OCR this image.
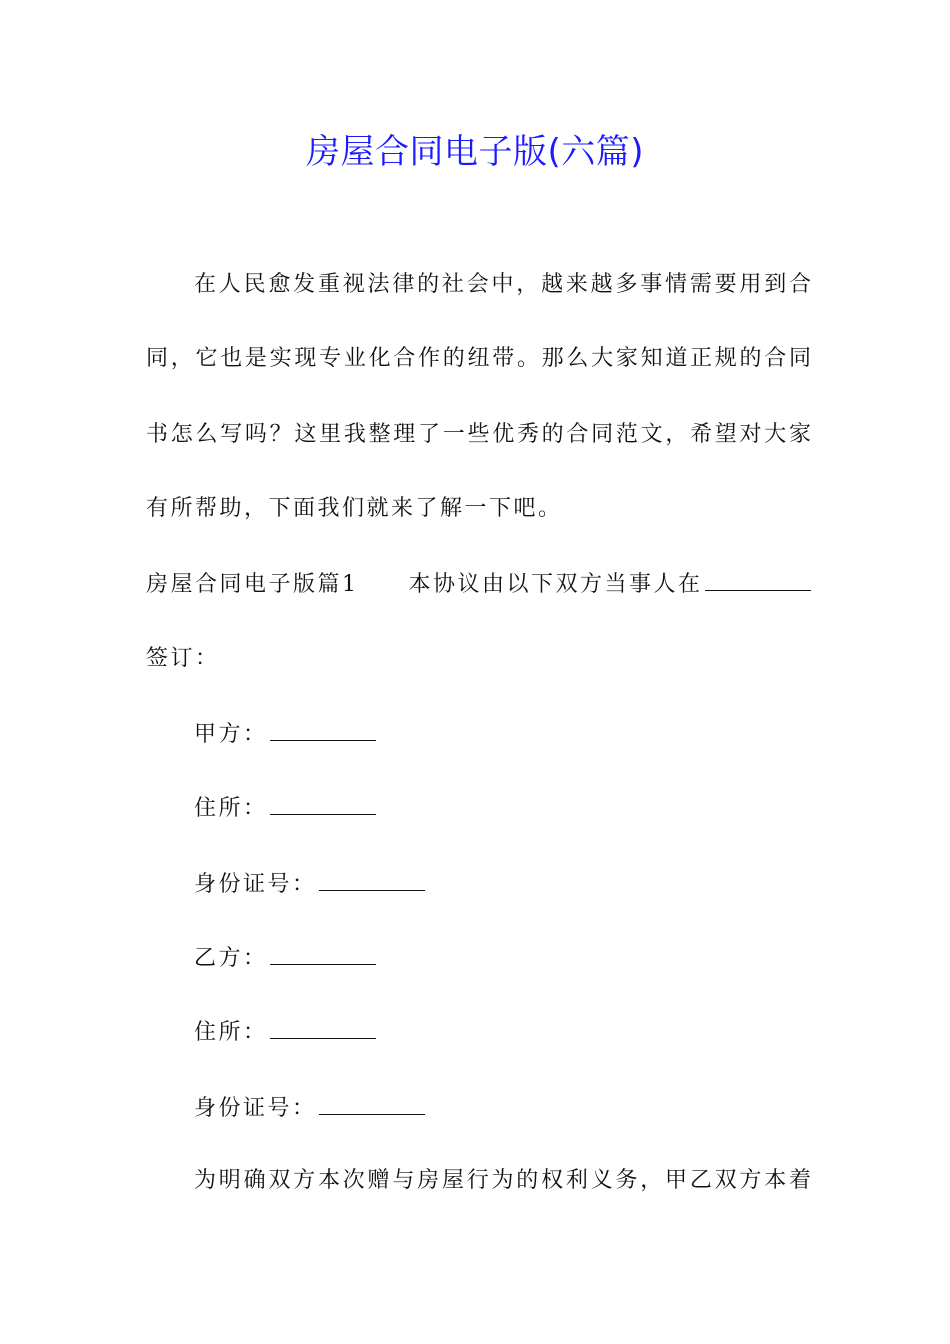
房屋合同电子版(六篇)
在人民愈发重视法律的社会中，越来越多事情需要用到合
同，它也是实现专业化合作的纽带。那么大家知道正规的合同
书怎么写吗？这里我整理了一些优秀的合同范文，希望对大家
有所帮助，下面我们就来了解一下吧。
房屋合同电子版篇1 本协议由以下双方当事人在
签订：
甲方：
住所：
身份证号：
乙方：
住所：
身份证号：
为明确双方本次赠与房屋行为的权利义务，甲乙双方本着
